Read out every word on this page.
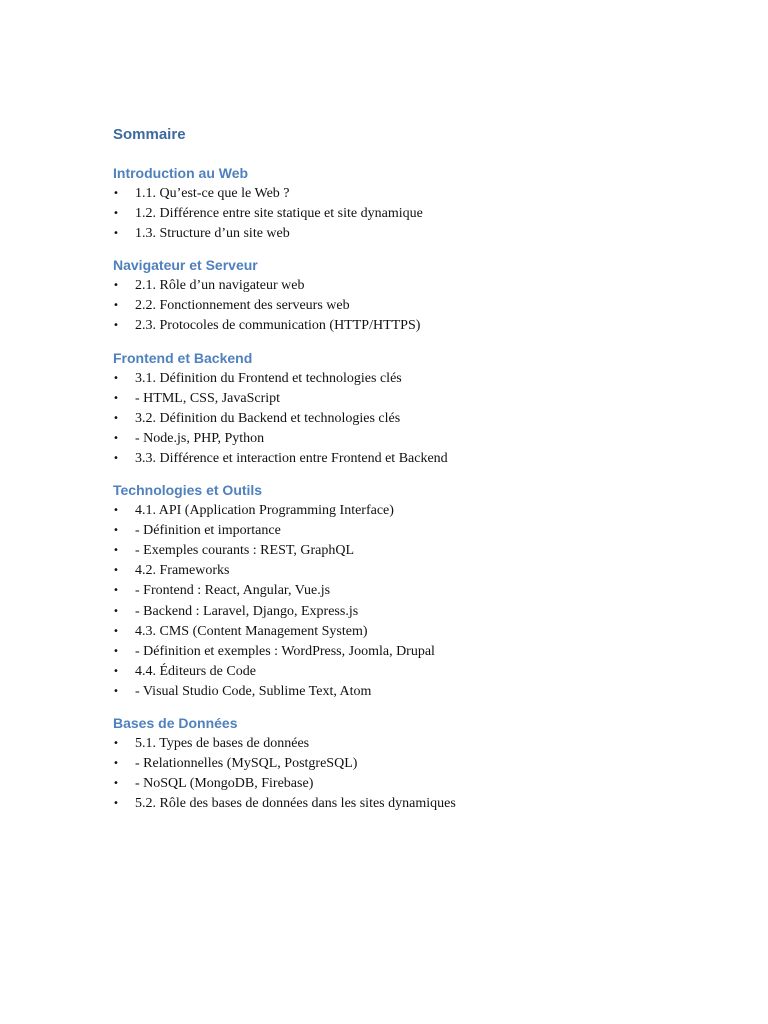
Sommaire
Introduction au Web
•	1.1. Qu’est-ce que le Web ?
•	1.2. Différence entre site statique et site dynamique
•	1.3. Structure d’un site web
Navigateur et Serveur
•	2.1. Rôle d’un navigateur web
•	2.2. Fonctionnement des serveurs web
•	2.3. Protocoles de communication (HTTP/HTTPS)
Frontend et Backend
•	3.1. Définition du Frontend et technologies clés
•	- HTML, CSS, JavaScript
•	3.2. Définition du Backend et technologies clés
•	- Node.js, PHP, Python
•	3.3. Différence et interaction entre Frontend et Backend
Technologies et Outils
•	4.1. API (Application Programming Interface)
•	- Définition et importance
•	- Exemples courants : REST, GraphQL
•	4.2. Frameworks
•	- Frontend : React, Angular, Vue.js
•	- Backend : Laravel, Django, Express.js
•	4.3. CMS (Content Management System)
•	- Définition et exemples : WordPress, Joomla, Drupal
•	4.4. Éditeurs de Code
•	- Visual Studio Code, Sublime Text, Atom
Bases de Données
•	5.1. Types de bases de données
•	- Relationnelles (MySQL, PostgreSQL)
•	- NoSQL (MongoDB, Firebase)
•	5.2. Rôle des bases de données dans les sites dynamiques
